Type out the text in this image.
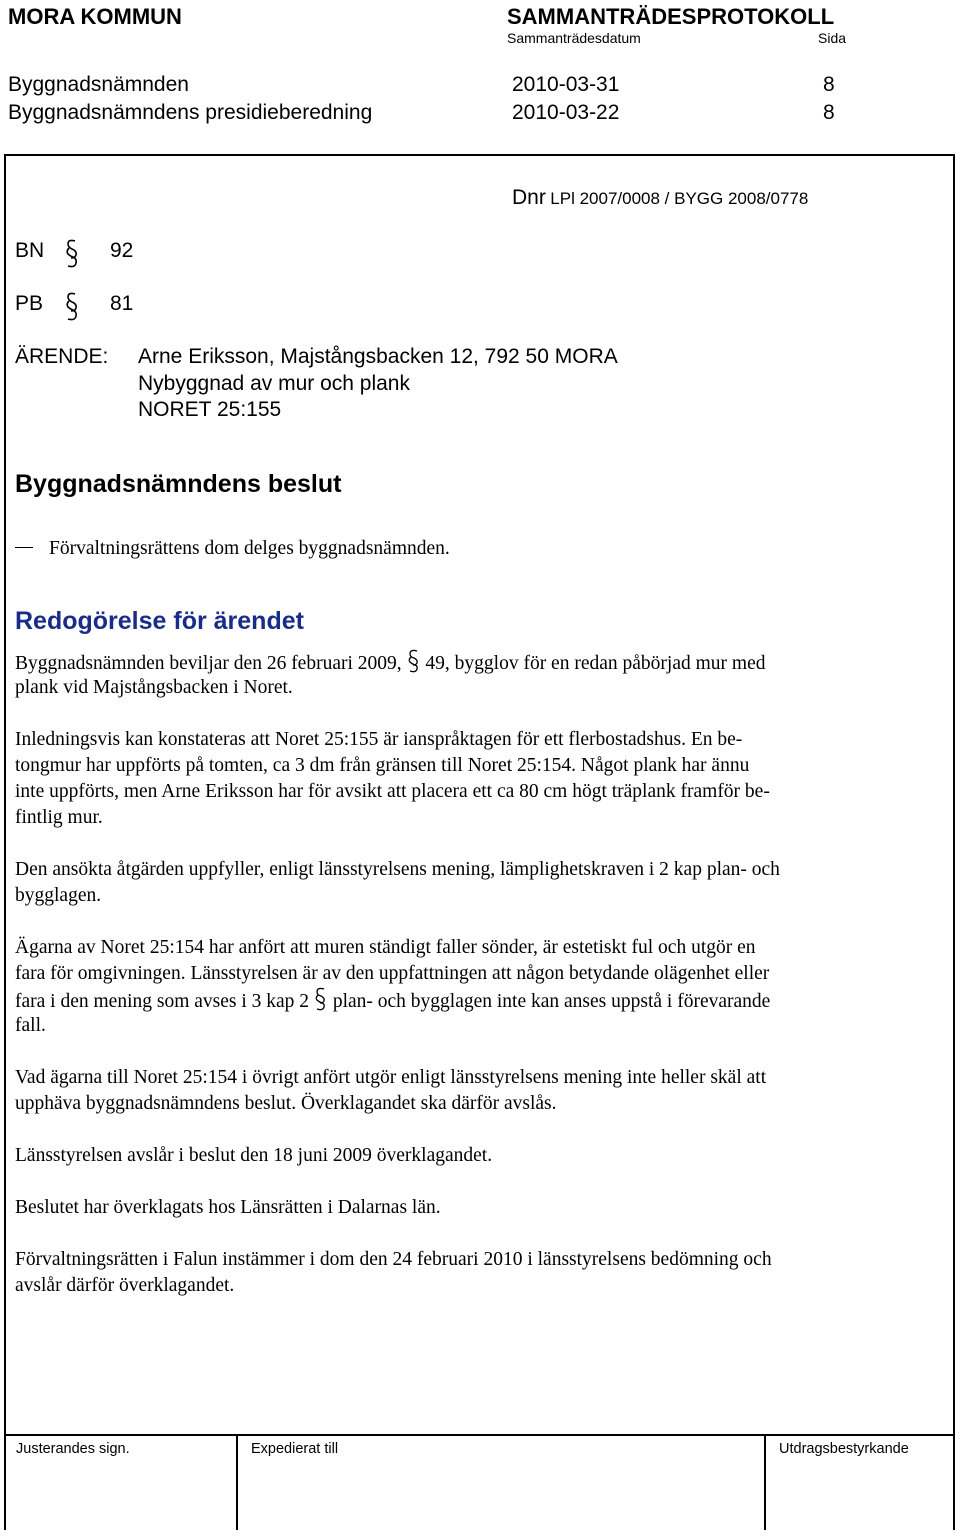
MORA KOMMUN	SAMMANTRÄDESPROTOKOLL
Sammanträdesdatum	Sida
Byggnadsnämnden	2010-03-31	8
Byggnadsnämndens presidieberedning	2010-03-22	8
Dnr LPl 2007/0008 / BYGG 2008/0778
BN	92
PB	81
ÄRENDE: Arne Eriksson, Majstångsbacken 12, 792 50 MORA
Nybyggnad av mur och plank
NORET 25:155
Byggnadsnämndens beslut
Förvaltningsrättens dom delges byggnadsnämnden.
Redogörelse för ärendet
Byggnadsnämnden beviljar den 26 februari 2009, 49, bygglov för en redan påbörjad mur med
plank vid Majstångsbacken i Noret.
Inledningsvis kan konstateras att Noret 25:155 är ianspråktagen för ett flerbostadshus. En be-
tongmur har uppförts på tomten, ca 3 dm från gränsen till Noret 25:154. Något plank har ännu
inte uppförts, men Arne Eriksson har för avsikt att placera ett ca 80 cm högt träplank framför be-
fintlig mur.
Den ansökta åtgärden uppfyller, enligt länsstyrelsens mening, lämplighetskraven i 2 kap plan- och
bygglagen.
Ägarna av Noret 25:154 har anfört att muren ständigt faller sönder, är estetiskt ful och utgör en
fara för omgivningen. Länsstyrelsen är av den uppfattningen att någon betydande olägenhet eller
fara i den mening som avses i 3 kap 2 plan- och bygglagen inte kan anses uppstå i förevarande
fall.
Vad ägarna till Noret 25:154 i övrigt anfört utgör enligt länsstyrelsens mening inte heller skäl att
upphäva byggnadsnämndens beslut. Överklagandet ska därför avslås.
Länsstyrelsen avslår i beslut den 18 juni 2009 överklagandet.
Beslutet har överklagats hos Länsrätten i Dalarnas län.
Förvaltningsrätten i Falun instämmer i dom den 24 februari 2010 i länsstyrelsens bedömning och
avslår därför överklagandet.
Justerandes sign.	Expedierat till	Utdragsbestyrkande
